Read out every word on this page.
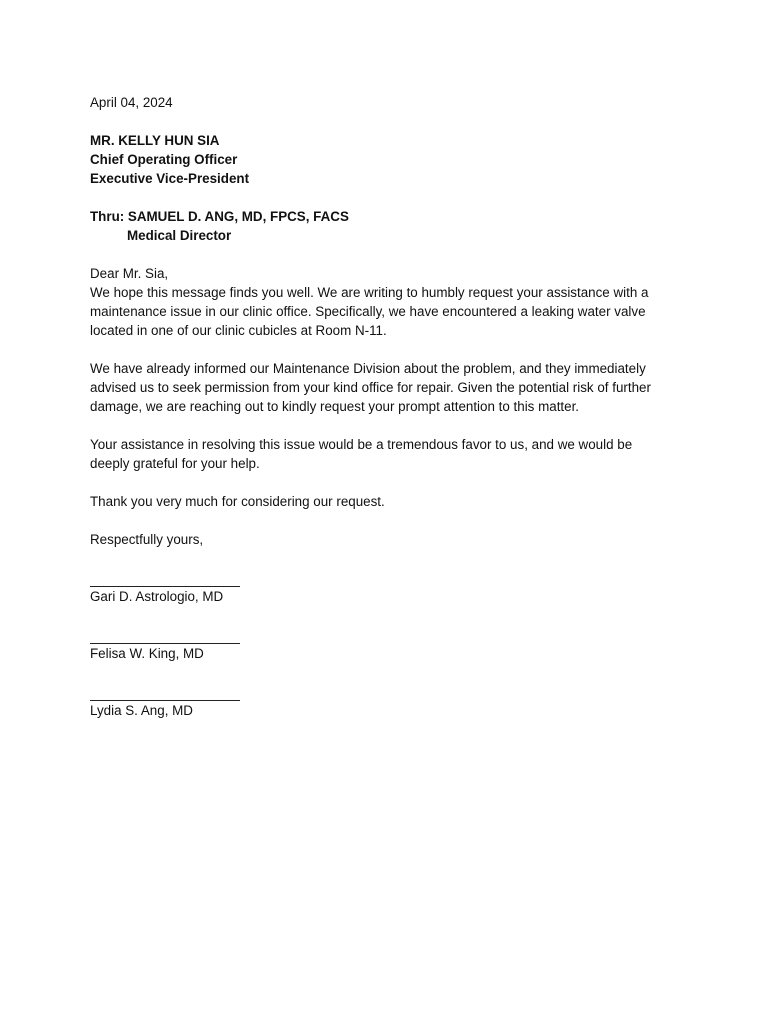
April 04, 2024
MR. KELLY HUN SIA
Chief Operating Officer
Executive Vice-President
Thru: SAMUEL D. ANG, MD, FPCS, FACS
Medical Director
Dear Mr. Sia,
We hope this message finds you well. We are writing to humbly request your assistance with a
maintenance issue in our clinic office. Specifically, we have encountered a leaking water valve
located in one of our clinic cubicles at Room N-11.
We have already informed our Maintenance Division about the problem, and they immediately
advised us to seek permission from your kind office for repair. Given the potential risk of further
damage, we are reaching out to kindly request your prompt attention to this matter.
Your assistance in resolving this issue would be a tremendous favor to us, and we would be
deeply grateful for your help.
Thank you very much for considering our request.
Respectfully yours,
Gari D. Astrologio, MD
Felisa W. King, MD
Lydia S. Ang, MD
